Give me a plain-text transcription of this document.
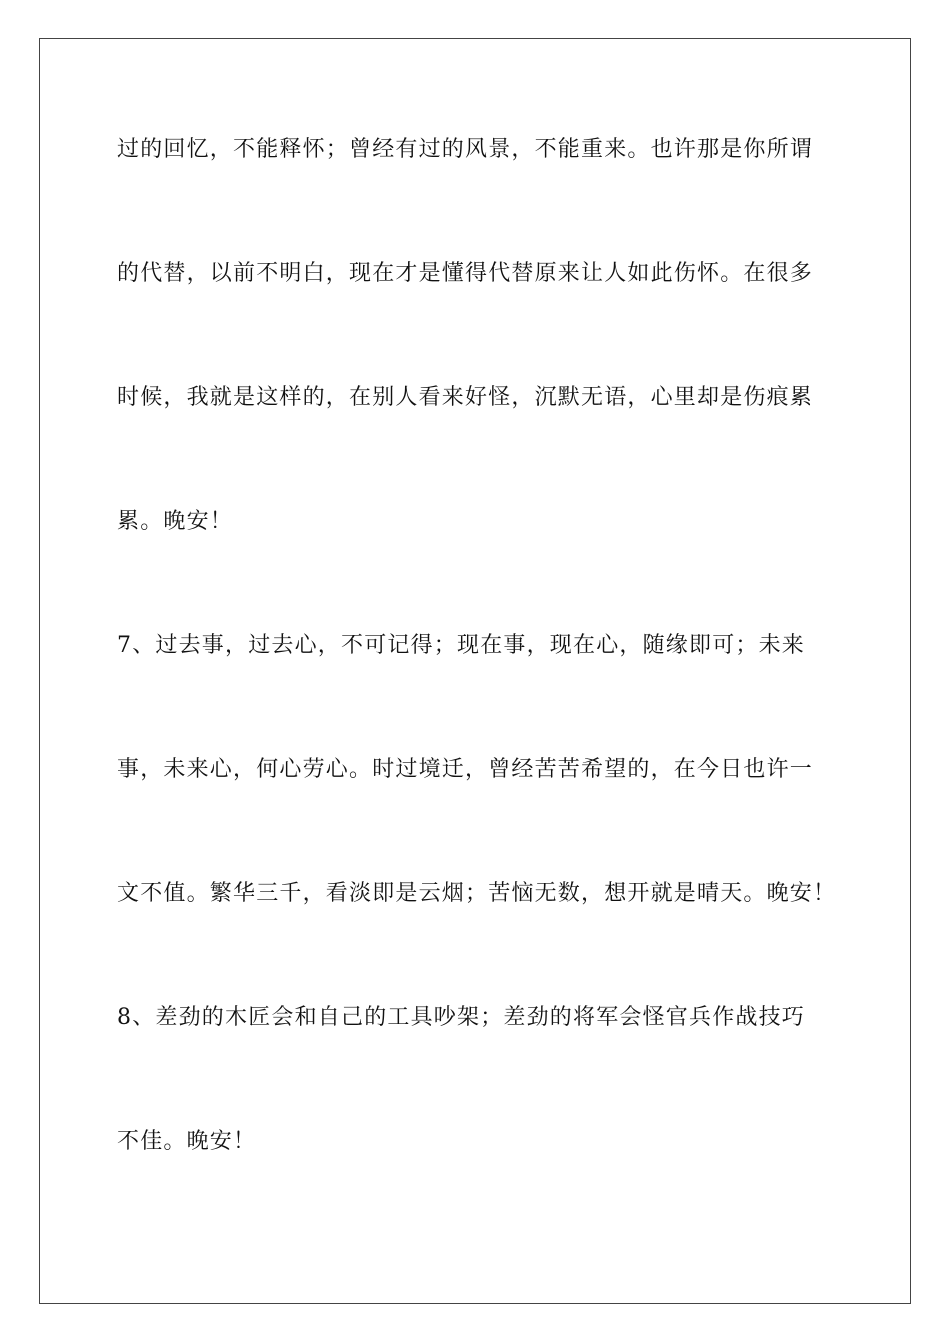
过的回忆，不能释怀；曾经有过的风景，不能重来。也许那是你所谓

的代替，以前不明白，现在才是懂得代替原来让人如此伤怀。在很多

时候，我就是这样的，在别人看来好怪，沉默无语，心里却是伤痕累

累。晚安！

7、过去事，过去心，不可记得；现在事，现在心，随缘即可；未来

事，未来心，何心劳心。时过境迁，曾经苦苦希望的，在今日也许一

文不值。繁华三千，看淡即是云烟；苦恼无数，想开就是晴天。晚安！

8、差劲的木匠会和自己的工具吵架；差劲的将军会怪官兵作战技巧

不佳。晚安！
